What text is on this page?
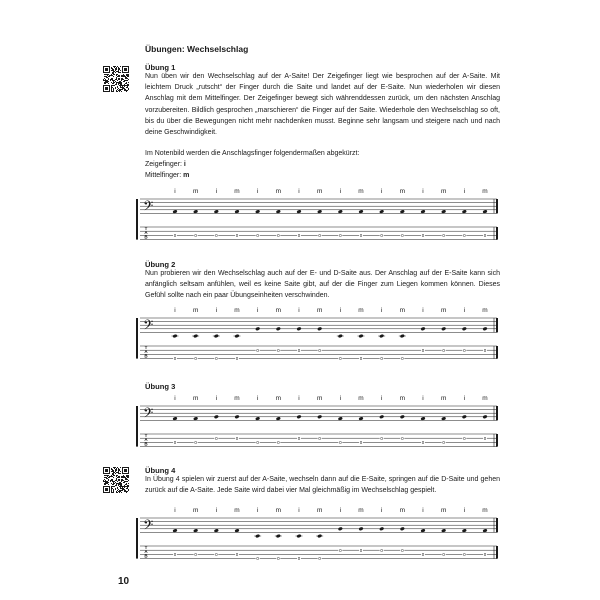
Übungen: Wechselschlag
Übung 1

Nun üben wir den Wechselschlag auf der A-Saite! Der Zeigefinger liegt wie besprochen auf der A-Saite. Mit leichtem Druck „rutscht“ der Finger durch die Saite und landet auf der E-Saite. Nun wiederholen wir diesen Anschlag mit dem Mittelfinger. Der Zeigefinger bewegt sich währenddessen zurück, um den nächsten Anschlag vorzubereiten. Bildlich gesprochen „marschieren“ die Finger auf der Saite. Wiederhole den Wechselschlag so oft, bis du über die Bewegungen nicht mehr nachdenken musst. Beginne sehr langsam und steigere nach und nach deine Geschwindigkeit.

Im Notenbild werden die Anschlagsfinger folgendermaßen abgekürzt:
Zeigefinger: i
Mittelfinger: m
i	m	i	m	i	m	i	m	i	m	i	m	i	m	i	m
𝄢
T
A
B	0	0	0	0	0	0	0	0	0	0	0	0	0	0	0	0
Übung 2

Nun probieren wir den Wechselschlag auch auf der E- und D-Saite aus. Der Anschlag auf der E-Saite kann sich anfänglich seltsam anfühlen, weil es keine Saite gibt, auf der die Finger zum Liegen kommen können. Dieses Gefühl sollte nach ein paar Übungseinheiten verschwinden.

i	m	i	m	i	m	i	m	i	m	i	m	i	m	i	m
𝄢
T
A
B
0	0	0	0
0	0	0	0
0	0	0	0
0	0	0	0
Übung 3
i	m	i	m	i	m	i	m	i	m	i	m	i	m	i	m
𝄢
T
A
B	0	0
0	0
0	0
0	0
0	0
0	0
0	0
0	0
Übung 4

In Übung 4 spielen wir zuerst auf der A-Saite, wechseln dann auf die E-Saite, springen auf die D-Saite und gehen zurück auf die A-Saite. Jede Saite wird dabei vier Mal gleichmäßig im Wechselschlag gespielt.

i	m	i	m	i	m	i	m	i	m	i	m	i	m	i	m
𝄢
T
A
B	0	0	0	0
0	0	0	0
0	0	0	0
0	0	0	0
10
